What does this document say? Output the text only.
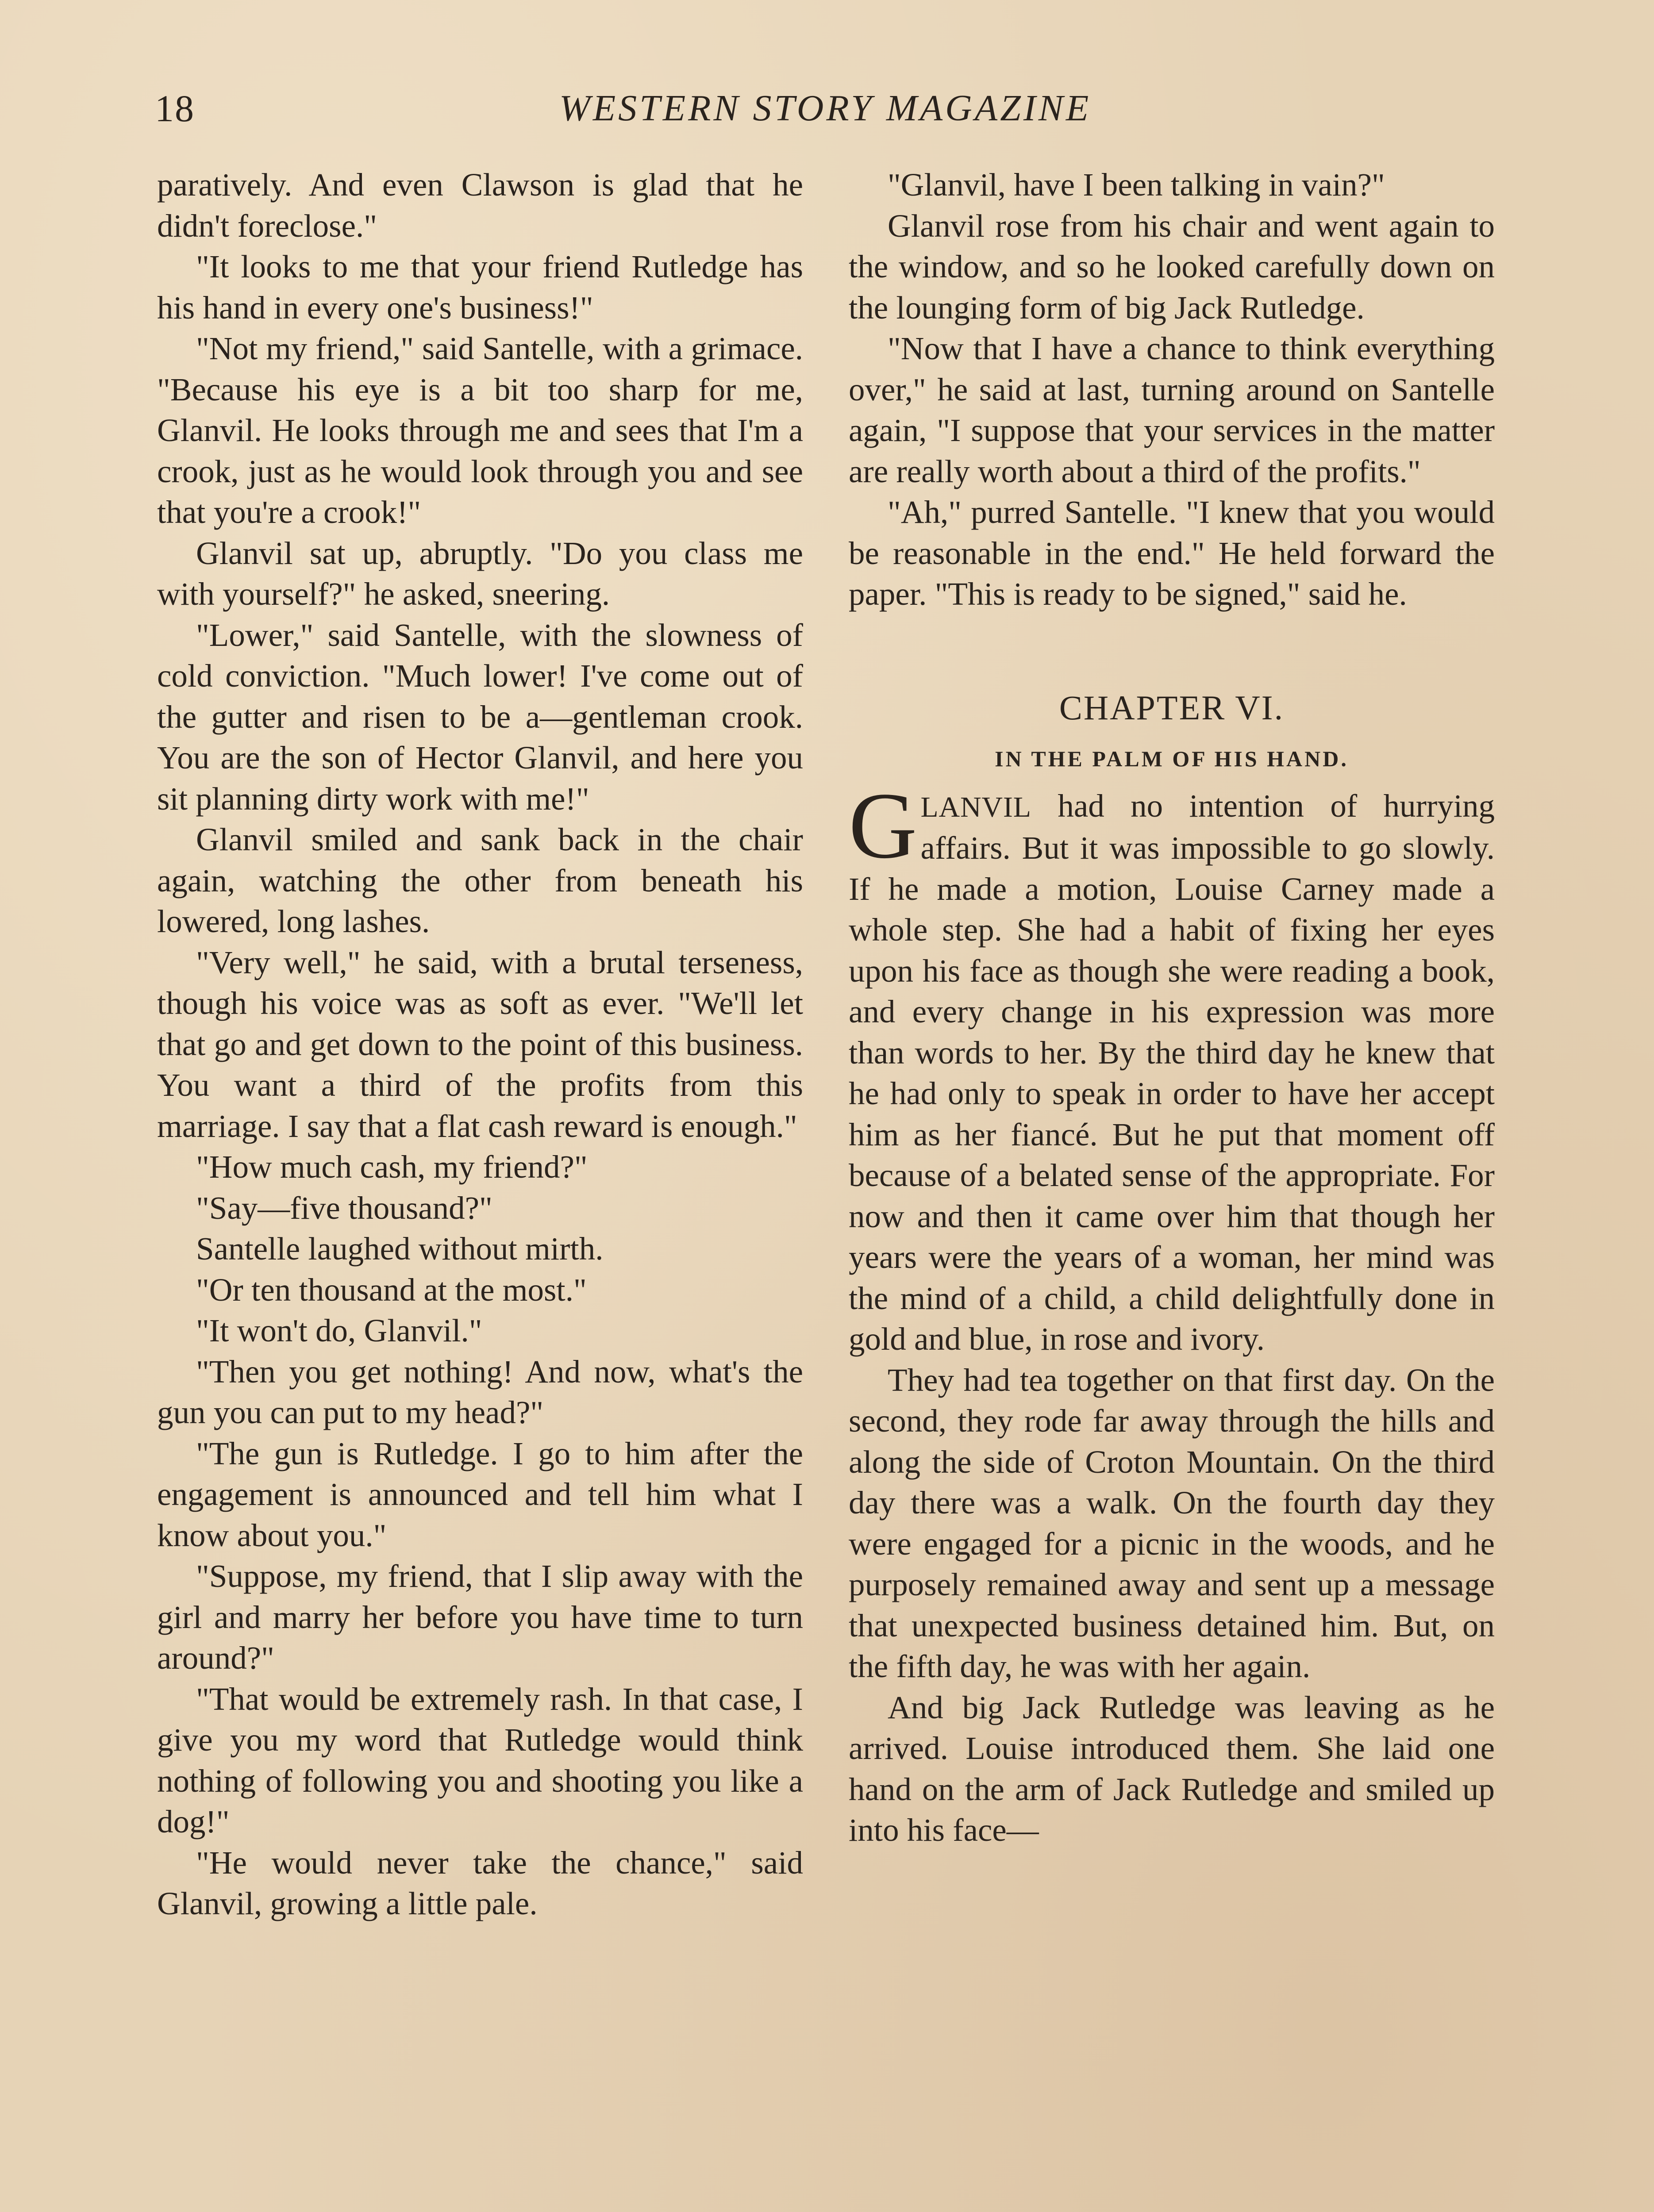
18	WESTERN STORY MAGAZINE

paratively. And even Clawson is glad that he didn't foreclose."

"It looks to me that your friend Rutledge has his hand in every one's business!"

"Not my friend," said Santelle, with a grimace. "Because his eye is a bit too sharp for me, Glanvil. He looks through me and sees that I'm a crook, just as he would look through you and see that you're a crook!"

Glanvil sat up, abruptly. "Do you class me with yourself?" he asked, sneering.

"Lower," said Santelle, with the slowness of cold conviction. "Much lower! I've come out of the gutter and risen to be a—gentleman crook. You are the son of Hector Glanvil, and here you sit planning dirty work with me!"

Glanvil smiled and sank back in the chair again, watching the other from beneath his lowered, long lashes.

"Very well," he said, with a brutal terseness, though his voice was as soft as ever. "We'll let that go and get down to the point of this business. You want a third of the profits from this marriage. I say that a flat cash reward is enough."

"How much cash, my friend?"

"Say—five thousand?"

Santelle laughed without mirth.

"Or ten thousand at the most."

"It won't do, Glanvil."

"Then you get nothing! And now, what's the gun you can put to my head?"

"The gun is Rutledge. I go to him after the engagement is announced and tell him what I know about you."

"Suppose, my friend, that I slip away with the girl and marry her before you have time to turn around?"

"That would be extremely rash. In that case, I give you my word that Rutledge would think nothing of following you and shooting you like a dog!"

"He would never take the chance," said Glanvil, growing a little pale.

"Glanvil, have I been talking in vain?"

Glanvil rose from his chair and went again to the window, and so he looked carefully down on the lounging form of big Jack Rutledge.

"Now that I have a chance to think everything over," he said at last, turning around on Santelle again, "I suppose that your services in the matter are really worth about a third of the profits."

"Ah," purred Santelle. "I knew that you would be reasonable in the end." He held forward the paper. "This is ready to be signed," said he.

CHAPTER VI.
IN THE PALM OF HIS HAND.

GLANVIL had no intention of hurrying affairs. But it was impossible to go slowly. If he made a motion, Louise Carney made a whole step. She had a habit of fixing her eyes upon his face as though she were reading a book, and every change in his expression was more than words to her. By the third day he knew that he had only to speak in order to have her accept him as her fiancé. But he put that moment off because of a belated sense of the appropriate. For now and then it came over him that though her years were the years of a woman, her mind was the mind of a child, a child delightfully done in gold and blue, in rose and ivory.

They had tea together on that first day. On the second, they rode far away through the hills and along the side of Croton Mountain. On the third day there was a walk. On the fourth day they were engaged for a picnic in the woods, and he purposely remained away and sent up a message that unexpected business detained him. But, on the fifth day, he was with her again.

And big Jack Rutledge was leaving as he arrived. Louise introduced them. She laid one hand on the arm of Jack Rutledge and smiled up into his face—
